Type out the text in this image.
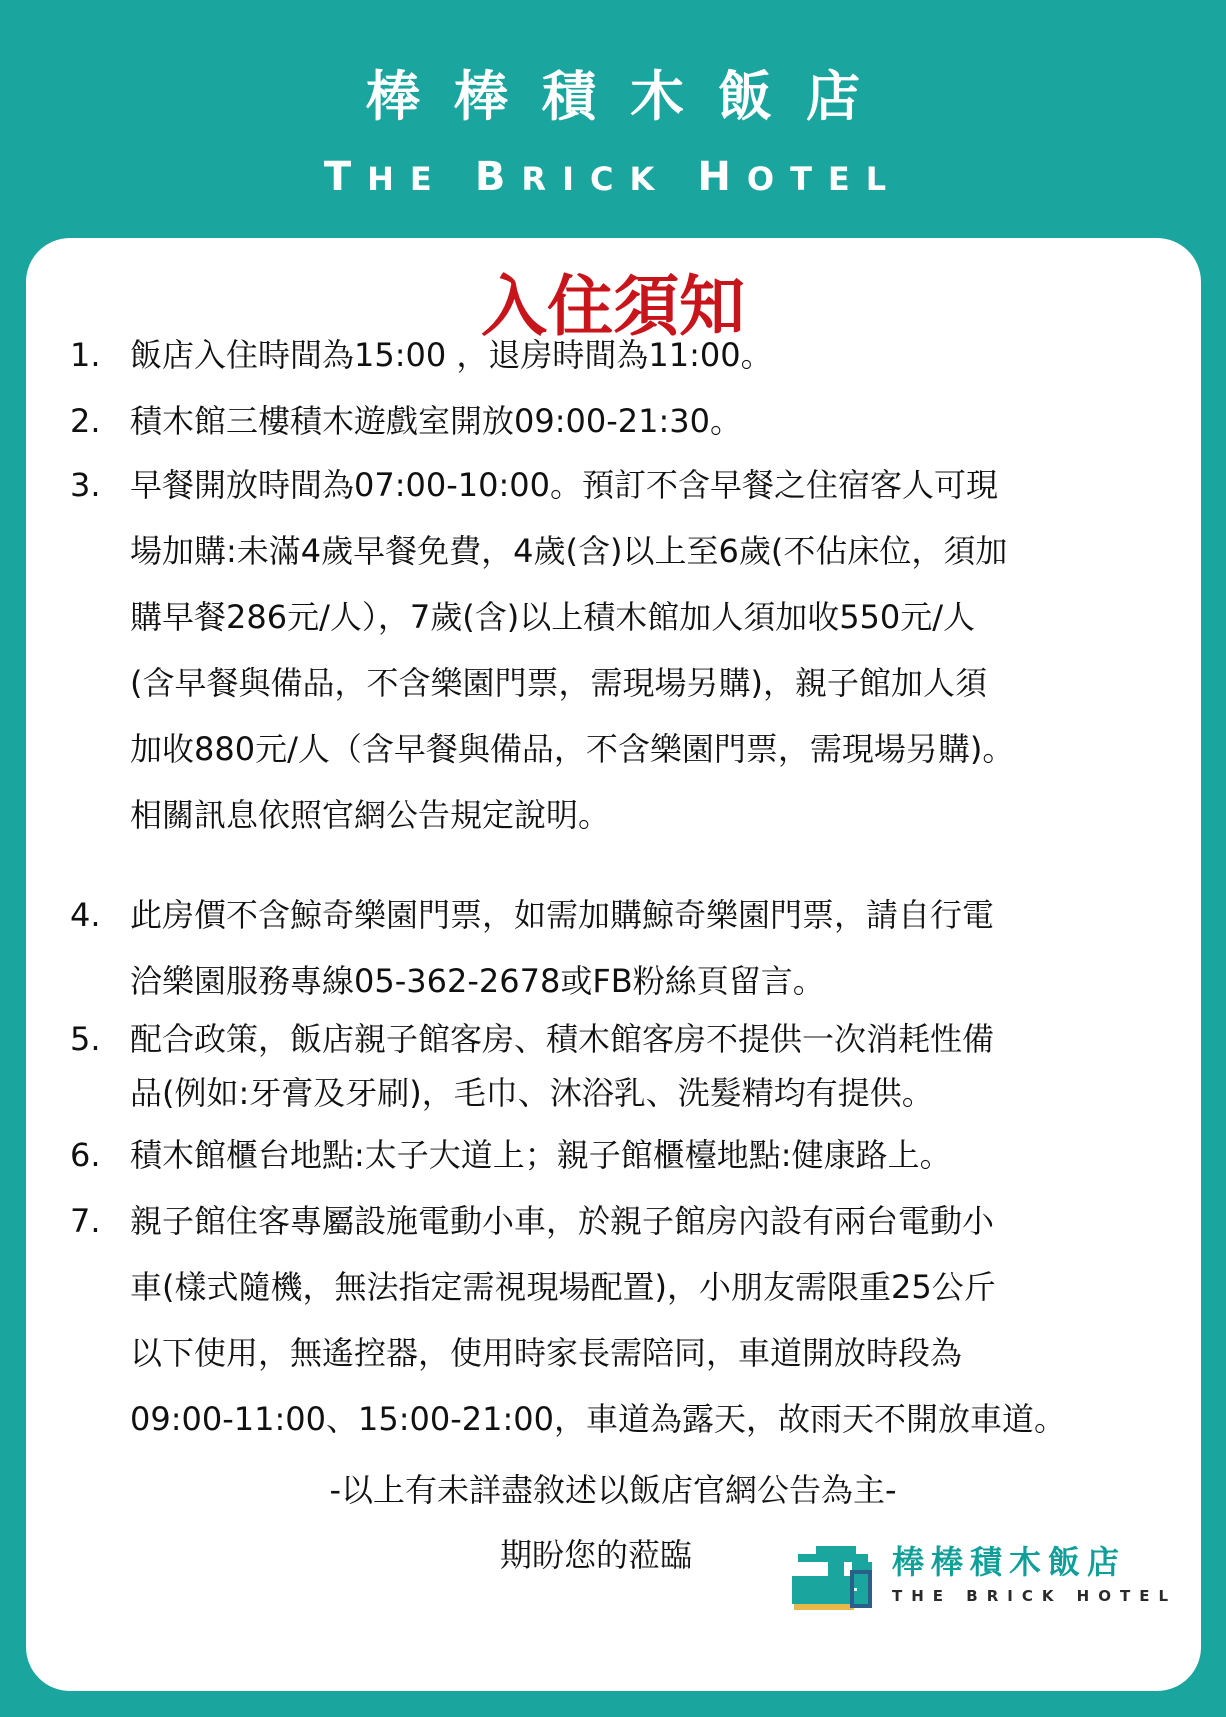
棒棒積木飯店
THE BRICK HOTEL
入住須知
1. 飯店入住時間為15:00 ，退房時間為11:00。
2. 積木館三樓積木遊戲室開放09:00-21:30。
3. 早餐開放時間為07:00-10:00。預訂不含早餐之住宿客人可現
場加購:未滿4歲早餐免費，4歲(含)以上至6歲(不佔床位，須加
購早餐286元/人），7歲(含)以上積木館加人須加收550元/人
(含早餐與備品，不含樂園門票，需現場另購)，親子館加人須
加收880元/人（含早餐與備品，不含樂園門票，需現場另購)。
相關訊息依照官網公告規定說明。
4. 此房價不含鯨奇樂園門票，如需加購鯨奇樂園門票，請自行電
洽樂園服務專線05-362-2678或FB粉絲頁留言。
5. 配合政策，飯店親子館客房、積木館客房不提供一次消耗性備
品(例如:牙膏及牙刷)，毛巾、沐浴乳、洗髮精均有提供。
6. 積木館櫃台地點:太子大道上；親子館櫃檯地點:健康路上。
7. 親子館住客專屬設施電動小車，於親子館房內設有兩台電動小
車(樣式隨機，無法指定需視現場配置)，小朋友需限重25公斤
以下使用，無遙控器，使用時家長需陪同，車道開放時段為
09:00-11:00、15:00-21:00，車道為露天，故雨天不開放車道。
-以上有未詳盡敘述以飯店官網公告為主-
期盼您的蒞臨	棒棒積木飯店
THE BRICK HOTEL
